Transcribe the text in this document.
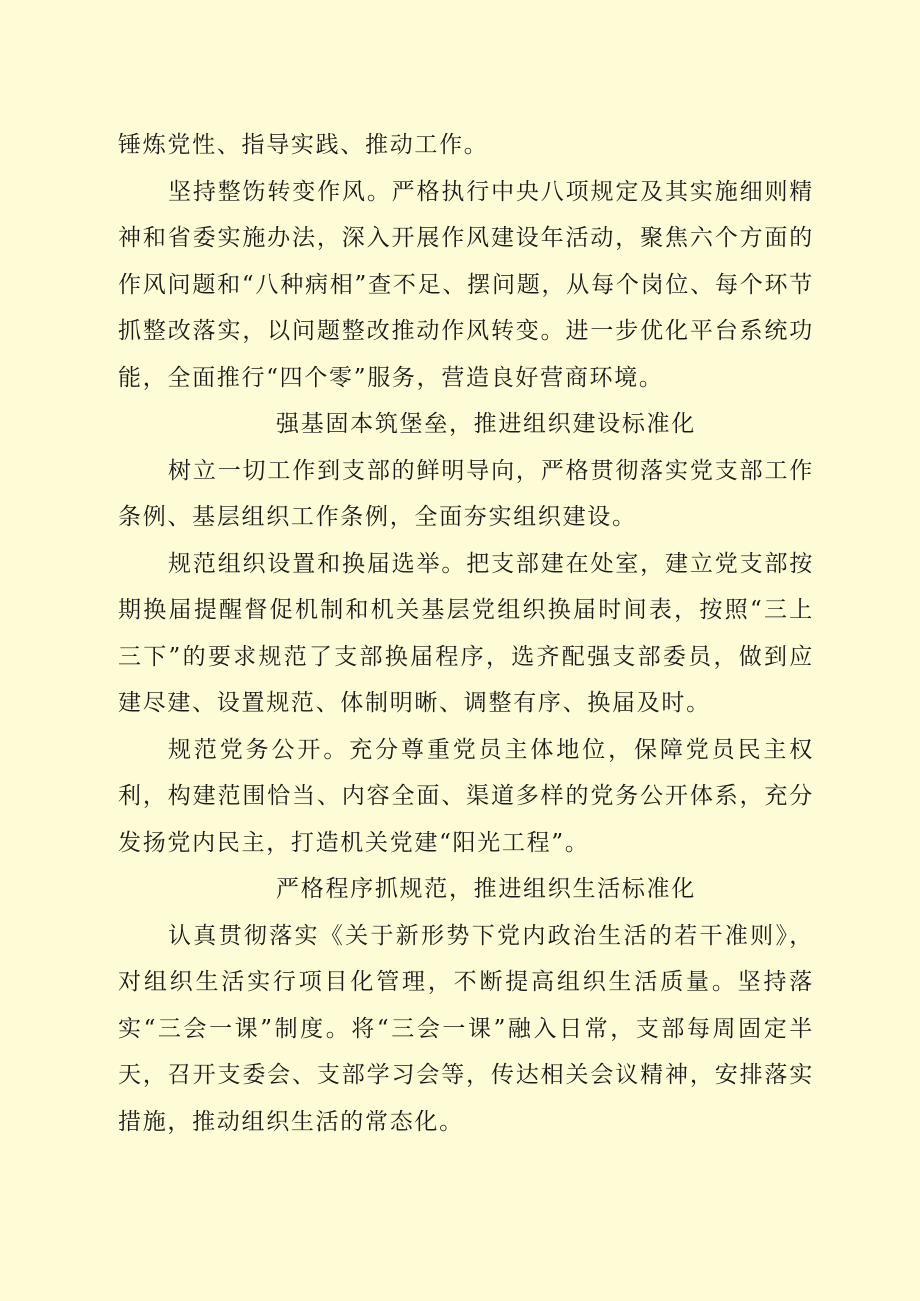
锤炼党性、指导实践、推动工作。

坚持整饬转变作风。严格执行中央八项规定及其实施细则精神和省委实施办法，深入开展作风建设年活动，聚焦六个方面的作风问题和“八种病相”查不足、摆问题，从每个岗位、每个环节抓整改落实，以问题整改推动作风转变。进一步优化平台系统功能，全面推行“四个零”服务，营造良好营商环境。

强基固本筑堡垒，推进组织建设标准化

树立一切工作到支部的鲜明导向，严格贯彻落实党支部工作条例、基层组织工作条例，全面夯实组织建设。

规范组织设置和换届选举。把支部建在处室，建立党支部按期换届提醒督促机制和机关基层党组织换届时间表，按照“三上三下”的要求规范了支部换届程序，选齐配强支部委员，做到应建尽建、设置规范、体制明晰、调整有序、换届及时。

规范党务公开。充分尊重党员主体地位，保障党员民主权利，构建范围恰当、内容全面、渠道多样的党务公开体系，充分发扬党内民主，打造机关党建“阳光工程”。

严格程序抓规范，推进组织生活标准化

认真贯彻落实《关于新形势下党内政治生活的若干准则》，对组织生活实行项目化管理，不断提高组织生活质量。坚持落实“三会一课”制度。将“三会一课”融入日常，支部每周固定半天，召开支委会、支部学习会等，传达相关会议精神，安排落实措施，推动组织生活的常态化。
